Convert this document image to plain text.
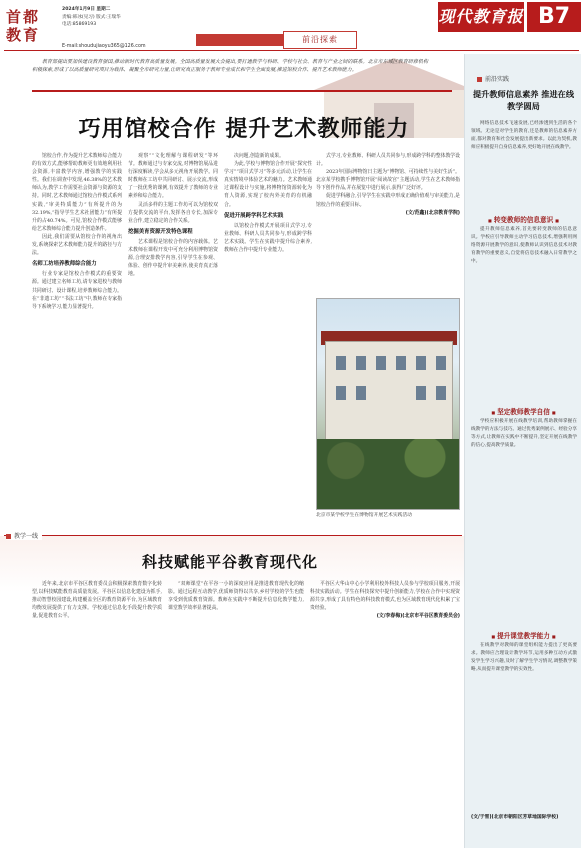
首都教育
2024年1月9日 星期二
责编:韩冰(见习) 版式:王瑞华
电话:85869193
E-mail:shoudujiaoyu365@126.com
前沿探索
现代教育报 B7
教育部提出要加快建设教育强国,推动新时代教育高质量发展。全国高质量发展大会提出,要打通教学与科研、学校与社会、教育与产业之间的联系。北京市东城区教育研修机构积极探索,形成了以高质量研究项目为载体、凝聚全市研究力量,让研究真正服务于教师专业成长和学生全面发展,推进馆校合作、提升艺术教师能力。
巧用馆校合作 提升艺术教师能力

馆校合作,作为提升艺术教师综合能力的有效方式,能够帮助教师更有效地利用社会资源,丰富教学内容,增强教学的实践性。我们在调查中发现,46.38%的艺术教师认为,教学工作需要社会资源与资源的支持。同时,艺术教师通过馆校合作模式系列实践,“审美特质能力”有所提升的为32.19%,“指导学生艺术社团能力”有所提升的占40.74%。可见,馆校合作模式能够给艺术教师综合能力提升创造条件。

因此,我们需要从馆校合作的视角出发,系统探索艺术教师能力提升的路径与方法。

名师工坊培养教师综合能力

行业专家是馆校合作模式的重要资源。通过建立名师工坊,请专家进校与教师共同研讨、设计课程,培养教师综合能力。在“非遗工坊”“书法工坊”中,教师在专家指导下系统学习,能力显著提升。

观察”“文化理解与课程研发”等环节。教师通过与专家交流,对博物馆展品进行深度解读,学会从多元视角开展教学。同时教师在工坊中共同研讨、展示交流,形成了一批优秀的课例,有效提升了教师的专业素养和综合能力。

灵活多样的主题工作坊可以为馆校双方提供交流的平台,发挥各自专长,加深专业合作,建立稳定的合作关系。

挖掘美育资源开发特色课程

艺术课程是馆校合作的内容载体。艺术教师在课程开发中可充分利用博物馆资源,合理安排教学内容,引导学生在参观、体验、创作中提升审美素养,使美育真正落地。

决问题,创造新的成果。

为此,学校与博物馆合作开展“探究性学习”“项目式学习”等多元活动,让学生在真实情境中体验艺术的魅力。艺术教师通过课程设计与实施,将博物馆资源转化为育人资源,实现了校内外美育的有机融合。

促进开展跨学科艺术实践

以馆校合作模式开展项目式学习,专业教师、科研人员共同参与,形成跨学科艺术实践。学生在实践中提升综合素养,教师在合作中提升专业能力。

式学习,专业教师、科研人员共同参与,形成跨学科的整体教学设计。

2023年国际博物馆日主题为“博物馆、可持续性与美好生活”。北京某学校携手博物馆开展“阅读故宫”主题活动,学生在艺术教师指导下创作作品,并在展览中进行展示,获得广泛好评。

促进学科融合,引导学生在实践中形成正确价值观与审美能力,是馆校合作的重要目标。

(文/范鑫)(北京教育学院)

北京市某学校学生在博物馆开展艺术实践活动
前沿实践
提升教师信息素养 推进在线教学圆局
网络信息技术飞速发展,已经渗透到生活的各个领域。无论是对学生的教育,还是教师的信息素养方面,都对教育和社会发展提出新要求。以此为契机,教师应积极提升自身信息素养,更好地开展在线教学。
■ 转变教师的信息意识 ■
提升教师信息素养,首先要转变教师的信息意识。学校应引导教师主动学习信息技术,增强利用网络资源开展教学的意识,使教师认识到信息技术对教育教学的重要意义,自觉将信息技术融入日常教学之中。
■ 坚定教师教学自信 ■
学校应积极开展在线教学培训,帮助教师掌握在线教学的方法与技巧。通过优秀案例展示、经验分享等方式,让教师在实践中不断提升,坚定开展在线教学的信心,提高教学质量。
■ 提升课堂教学能力 ■
在线教学对教师的课堂组织能力提出了更高要求。教师应合理设计教学环节,运用多种互动方式激发学生学习兴趣,及时了解学生学习情况,调整教学策略,从而提升课堂教学的实效性。
(文/于雪)(北京市朝阳区芳草地国际学校)
教学一线
科技赋能平谷教育现代化

近年来,北京市平谷区教育委员会积极探索教育数字化转型,以科技赋能教育高质量发展。平谷区以信息化建设为抓手,推动智慧校园建设,构建覆盖全区的教育资源平台,为区域教育均衡发展提供了有力支撑。学校通过信息化手段提升教学质量,促进教育公平。

“双师课堂”在平谷一小的深度应用是推进教育现代化的缩影。通过远程互动教学,优质师资得以共享,乡村学校的学生也能享受到优质教育资源。教师在实践中不断提升信息化教学能力,课堂教学效率显著提高。

平谷区大华山中心小学利用校外科技人员参与学校项目服务,开展科技实践活动。学生在科技探究中提升创新能力,学校在合作中实现资源共享,形成了具有特色的科技教育模式,也为区域教育现代化积累了宝贵经验。

(文/李春梅)(北京市平谷区教育委员会)
